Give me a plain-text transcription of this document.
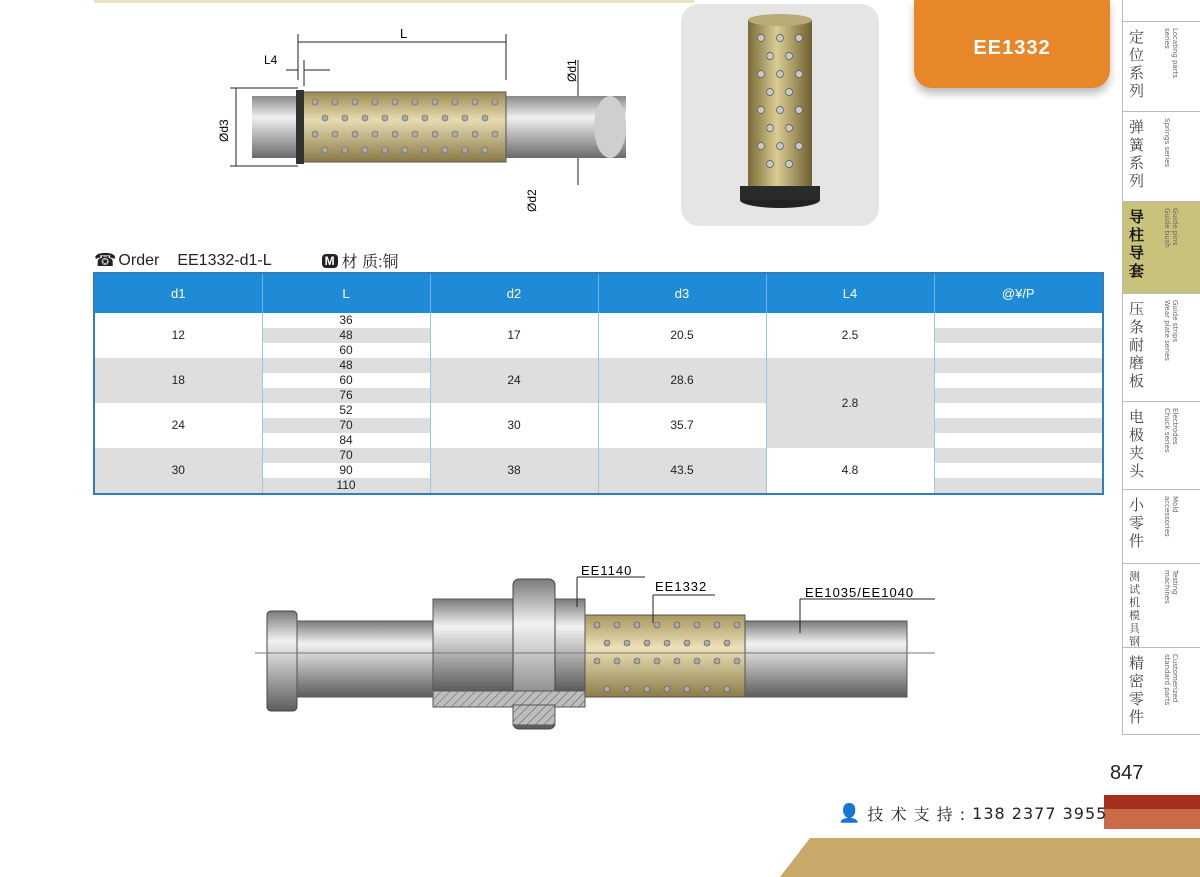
L
L4	Ød1
Ød2
Ød3
EE1332	定位系列
Locating parts
series
弹簧系列
Springs series
导柱导套
Guide pins
Guide bush
压条耐磨板
Guide strips
Wear plate series
电极夹头
Electrodes
Chuck series
小零件
Mold
accessories
测试机模具钢
Testing
machines
精密零件
Customerized
standard parts
☎ Order EE1332-d1-L	M 材 质:铜
d1	L	d2	d3	L4	@¥/P
12	36	17	20.5	2.5	
	48				
	60				
18	48	24	28.6	2.8	
	60				
	76				
24	52	30	35.7		
	70				
	84				
30	70	38	43.5	4.8	
	90				
	110				
EE1140
EE1332	EE1035/EE1040
847
👤 技 术 支 持 : 138 2377 3955
